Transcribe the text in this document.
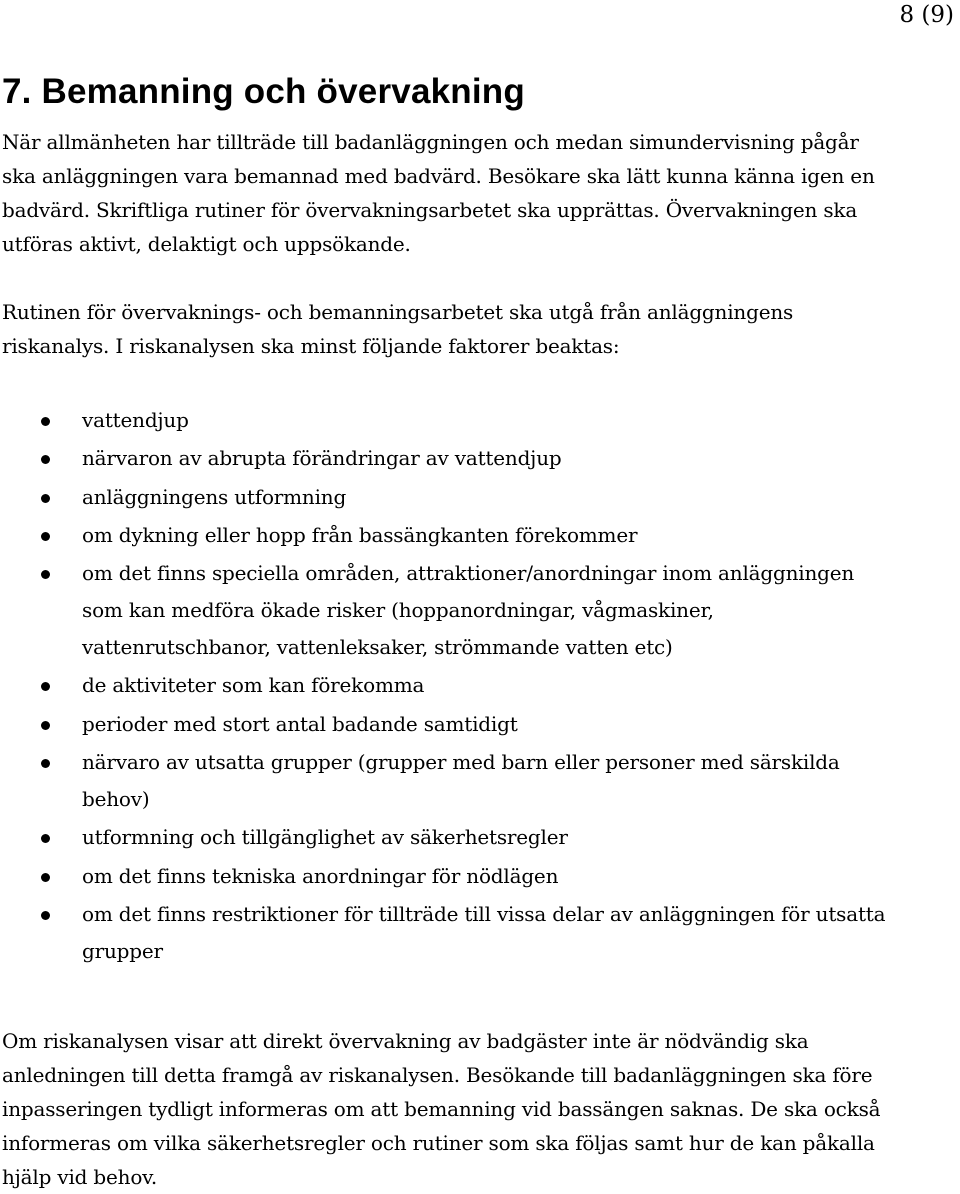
8 (9)
7. Bemanning och övervakning

När allmänheten har tillträde till badanläggningen och medan simundervisning pågår ska anläggningen vara bemannad med badvärd. Besökare ska lätt kunna känna igen en badvärd. Skriftliga rutiner för övervakningsarbetet ska upprättas. Övervakningen ska utföras aktivt, delaktigt och uppsökande.

Rutinen för övervaknings- och bemanningsarbetet ska utgå från anläggningens riskanalys. I riskanalysen ska minst följande faktorer beaktas:

vattendjup
närvaron av abrupta förändringar av vattendjup
anläggningens utformning
om dykning eller hopp från bassängkanten förekommer
om det finns speciella områden, attraktioner/anordningar inom anläggningen som kan medföra ökade risker (hoppanordningar, vågmaskiner, vattenrutschbanor, vattenleksaker, strömmande vatten etc)
de aktiviteter som kan förekomma
perioder med stort antal badande samtidigt
närvaro av utsatta grupper (grupper med barn eller personer med särskilda behov)
utformning och tillgänglighet av säkerhetsregler
om det finns tekniska anordningar för nödlägen
om det finns restriktioner för tillträde till vissa delar av anläggningen för utsatta grupper

Om riskanalysen visar att direkt övervakning av badgäster inte är nödvändig ska anledningen till detta framgå av riskanalysen. Besökande till badanläggningen ska före inpasseringen tydligt informeras om att bemanning vid bassängen saknas. De ska också informeras om vilka säkerhetsregler och rutiner som ska följas samt hur de kan påkalla hjälp vid behov.
